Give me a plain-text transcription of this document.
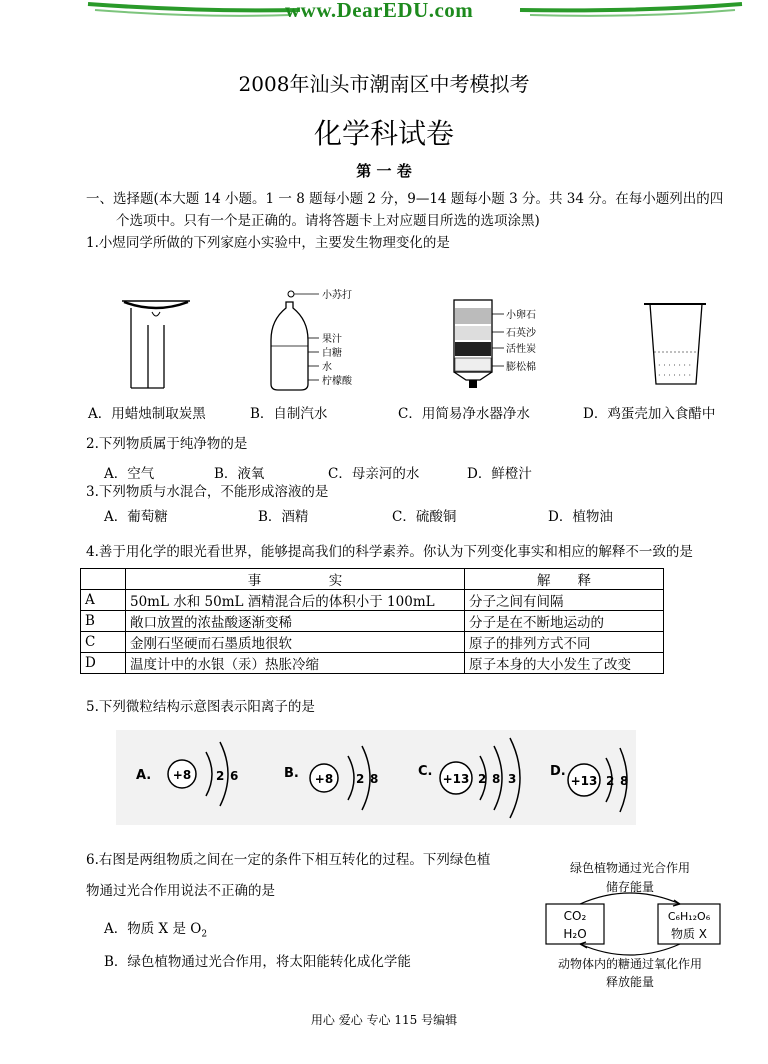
www.DearEDU.com
2008年汕头市潮南区中考模拟考
化学科试卷
第 一 卷
一、选择题(本大题 14 小题。1 一 8 题每小题 2 分，9—14 题每小题 3 分。共 34 分。在每小题列出的四
个选项中。只有一个是正确的。请将答题卡上对应题目所选的选项涂黑)
1.小煜同学所做的下列家庭小实验中，主要发生物理变化的是
小苏打
果汁
白糖
水
柠檬酸
小卵石
石英沙
活性炭
膨松棉	· · · · · · ·
· · · · · · ·
A．用蜡烛制取炭黑	B．自制汽水	C．用简易净水器净水	D．鸡蛋壳加入食醋中
2.下列物质属于纯净物的是
A．空气	B．液氧	C．母亲河的水	D．鲜橙汁
3.下列物质与水混合，不能形成溶液的是
A．葡萄糖	B．酒精	C．硫酸铜	D．植物油
4.善于用化学的眼光看世界，能够提高我们的科学素养。你认为下列变化事实和相应的解释不一致的是
	事　　　　　实	解　　释
A	50mL 水和 50mL 酒精混合后的体积小于 100mL	分子之间有间隔
B	敞口放置的浓盐酸逐渐变稀	分子是在不断地运动的
C	金刚石坚硬而石墨质地很软	原子的排列方式不同
D	温度计中的水银（汞）热胀冷缩	原子本身的大小发生了改变
5.下列微粒结构示意图表示阳离子的是
A. +8 2 6	B. +8 2 8	C. +13 2 8 3	D.
+13 2 8
6.右图是两组物质之间在一定的条件下相互转化的过程。下列绿色植
物通过光合作用说法不正确的是
A．物质 X 是 $O_2$
B．绿色植物通过光合作用，将太阳能转化成化学能
绿色植物通过光合作用
储存能量
CO₂
H₂O
C₆H₁₂O₆
物质 X
动物体内的糖通过氧化作用
释放能量
用心 爱心 专心 115 号编辑
